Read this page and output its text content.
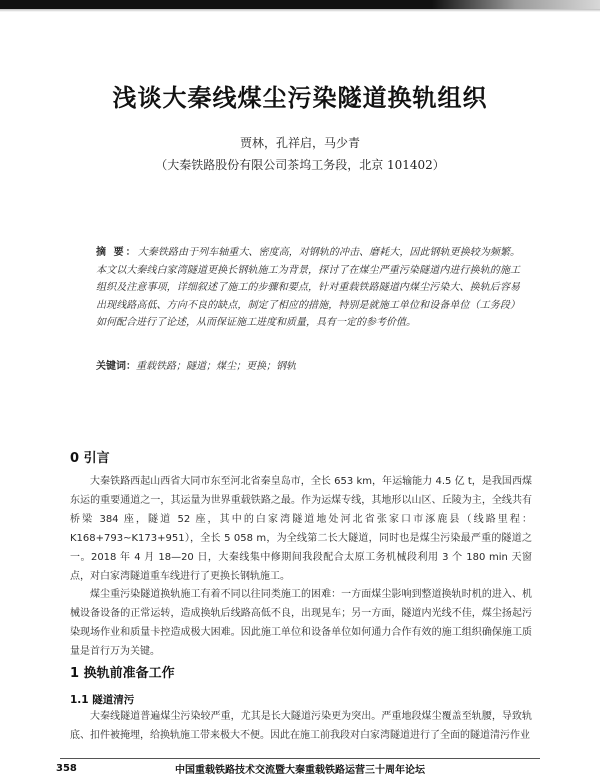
浅谈大秦线煤尘污染隧道换轨组织
贾林，孔祥启，马少青
（大秦铁路股份有限公司茶坞工务段，北京 101402）
摘 要：大秦铁路由于列车轴重大、密度高，对钢轨的冲击、磨耗大，因此钢轨更换较为频繁。本文以大秦线白家湾隧道更换长钢轨施工为背景，探讨了在煤尘严重污染隧道内进行换轨的施工组织及注意事项，详细叙述了施工的步骤和要点，针对重载铁路隧道内煤尘污染大、换轨后容易出现线路高低、方向不良的缺点，制定了相应的措施，特别是就施工单位和设备单位（工务段）如何配合进行了论述，从而保证施工进度和质量，具有一定的参考价值。
关键词：重载铁路；隧道；煤尘；更换；钢轨
0 引言

大秦铁路西起山西省大同市东至河北省秦皇岛市，全长 653 km，年运输能力 4.5 亿 t，是我国西煤东运的重要通道之一，其运量为世界重载铁路之最。作为运煤专线，其地形以山区、丘陵为主，全线共有桥梁 384 座，隧道 52 座，其中的白家湾隧道地处河北省张家口市涿鹿县（线路里程：K168+793~K173+951），全长 5 058 m，为全线第二长大隧道，同时也是煤尘污染最严重的隧道之一。2018 年 4 月 18—20 日，大秦线集中修期间我段配合太原工务机械段利用 3 个 180 min 天窗点，对白家湾隧道重车线进行了更换长钢轨施工。

煤尘重污染隧道换轨施工有着不同以往同类施工的困难：一方面煤尘影响到整道换轨时机的进入、机械设备设备的正常运转，造成换轨后线路高低不良，出现晃车；另一方面，隧道内光线不佳，煤尘扬起污染现场作业和质量卡控造成极大困难。因此施工单位和设备单位如何通力合作有效的施工组织确保施工质量是首行万为关键。

1 换轨前准备工作
1.1 隧道清污

大秦线隧道普遍煤尘污染较严重，尤其是长大隧道污染更为突出。严重地段煤尘覆盖至轨腰，导致轨底、扣件被掩埋，给换轨施工带来极大不便。因此在施工前我段对白家湾隧道进行了全面的隧道清污作业

358	中国重载铁路技术交流暨大秦重载铁路运营三十周年论坛
